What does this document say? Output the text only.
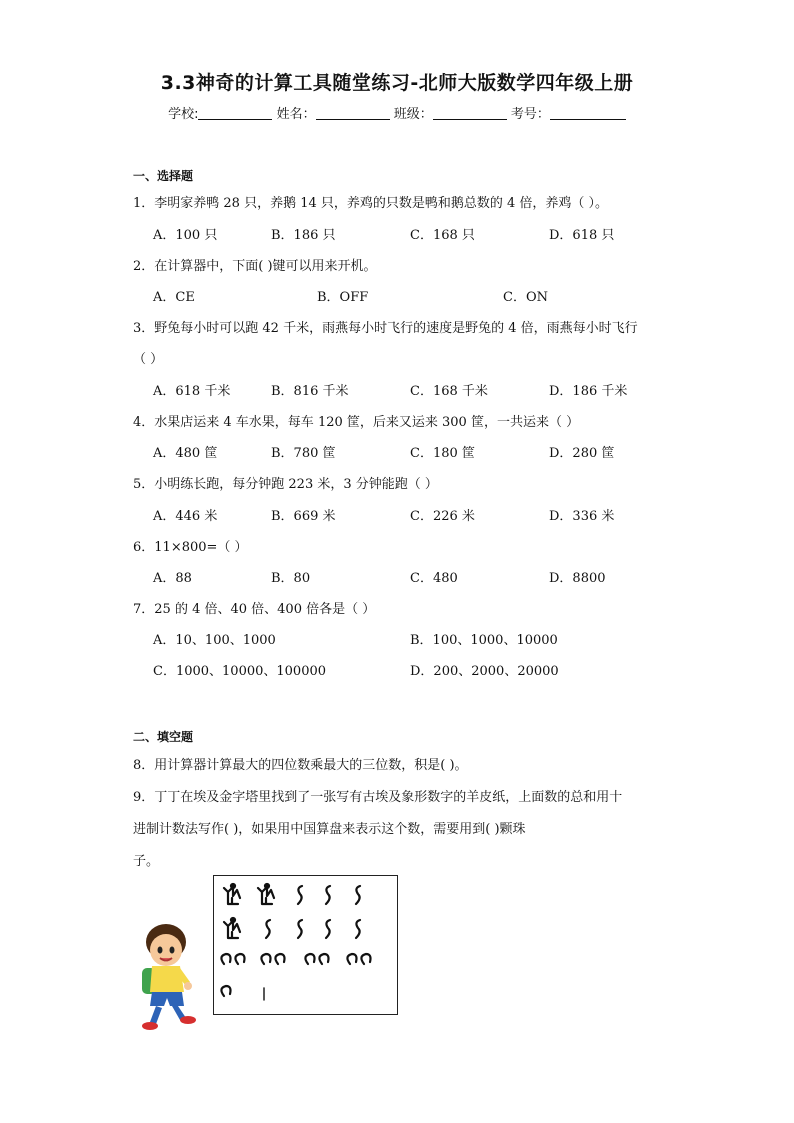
3.3神奇的计算工具随堂练习-北师大版数学四年级上册
学校:	姓名：	班级：	考号：
一、选择题
1．李明家养鸭 28 只，养鹅 14 只，养鸡的只数是鸭和鹅总数的 4 倍，养鸡（ ）。
A．100 只	B．186 只	C．168 只	D．618 只
2．在计算器中，下面( )键可以用来开机。
A．CE	B．OFF	C．ON
3．野兔每小时可以跑 42 千米，雨燕每小时飞行的速度是野兔的 4 倍，雨燕每小时飞行
（ ）
A．618 千米	B．816 千米	C．168 千米	D．186 千米
4．水果店运来 4 车水果，每车 120 筐，后来又运来 300 筐，一共运来（ ）
A．480 筐	B．780 筐	C．180 筐	D．280 筐
5．小明练长跑，每分钟跑 223 米，3 分钟能跑（ ）
A．446 米	B．669 米	C．226 米	D．336 米
6．11×800=（ ）
A．88	B．80	C．480	D．8800
7．25 的 4 倍、40 倍、400 倍各是（ ）
A．10、100、1000	B．100、1000、10000
C．1000、10000、100000	D．200、2000、20000
二、填空题
8．用计算器计算最大的四位数乘最大的三位数，积是( )。
9．丁丁在埃及金字塔里找到了一张写有古埃及象形数字的羊皮纸，上面数的总和用十
进制计数法写作( )，如果用中国算盘来表示这个数，需要用到( )颗珠
子。
